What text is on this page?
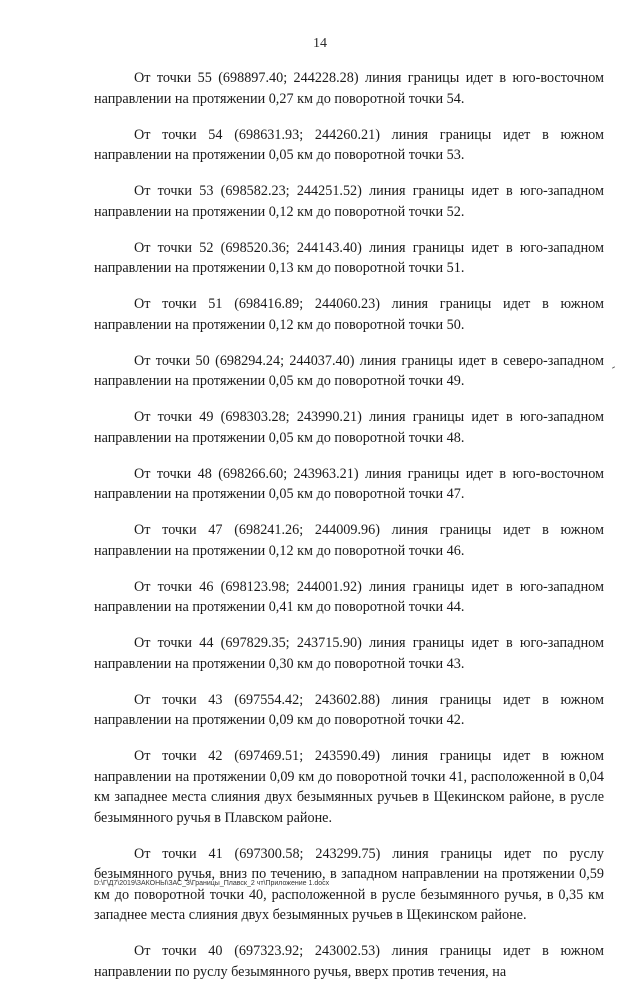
14

От точки 55 (698897.40; 244228.28) линия границы идет в юго-восточном направлении на протяжении 0,27 км до поворотной точки 54.

От точки 54 (698631.93; 244260.21) линия границы идет в южном направлении на протяжении 0,05 км до поворотной точки 53.

От точки 53 (698582.23; 244251.52) линия границы идет в юго-западном направлении на протяжении 0,12 км до поворотной точки 52.

От точки 52 (698520.36; 244143.40) линия границы идет в юго-западном направлении на протяжении 0,13 км до поворотной точки 51.

От точки 51 (698416.89; 244060.23) линия границы идет в южном направлении на протяжении 0,12 км до поворотной точки 50.

От точки 50 (698294.24; 244037.40) линия границы идет в северо-западном направлении на протяжении 0,05 км до поворотной точки 49.

От точки 49 (698303.28; 243990.21) линия границы идет в юго-западном направлении на протяжении 0,05 км до поворотной точки 48.

От точки 48 (698266.60; 243963.21) линия границы идет в юго-восточном направлении на протяжении 0,05 км до поворотной точки 47.

От точки 47 (698241.26; 244009.96) линия границы идет в южном направлении на протяжении 0,12 км до поворотной точки 46.

От точки 46 (698123.98; 244001.92) линия границы идет в юго-западном направлении на протяжении 0,41 км до поворотной точки 44.

От точки 44 (697829.35; 243715.90) линия границы идет в юго-западном направлении на протяжении 0,30 км до поворотной точки 43.

От точки 43 (697554.42; 243602.88) линия границы идет в южном направлении на протяжении 0,09 км до поворотной точки 42.

От точки 42 (697469.51; 243590.49) линия границы идет в южном направлении на протяжении 0,09 км до поворотной точки 41, расположенной в 0,04 км западнее места слияния двух безымянных ручьев в Щекинском районе, в русле безымянного ручья в Плавском районе.

От точки 41 (697300.58; 243299.75) линия границы идет по руслу безымянного ручья, вниз по течению, в западном направлении на протяжении 0,59 км до поворотной точки 40, расположенной в русле безымянного ручья, в 0,35 км западнее места слияния двух безымянных ручьев в Щекинском районе.

От точки 40 (697323.92; 243002.53) линия границы идет в южном направлении по руслу безымянного ручья, вверх против течения, на

D:\Г\Д7\2019\ЗАКОНЫ\ЗАС_3\Границы_Плавск_2 чт\Приложение 1.docx
